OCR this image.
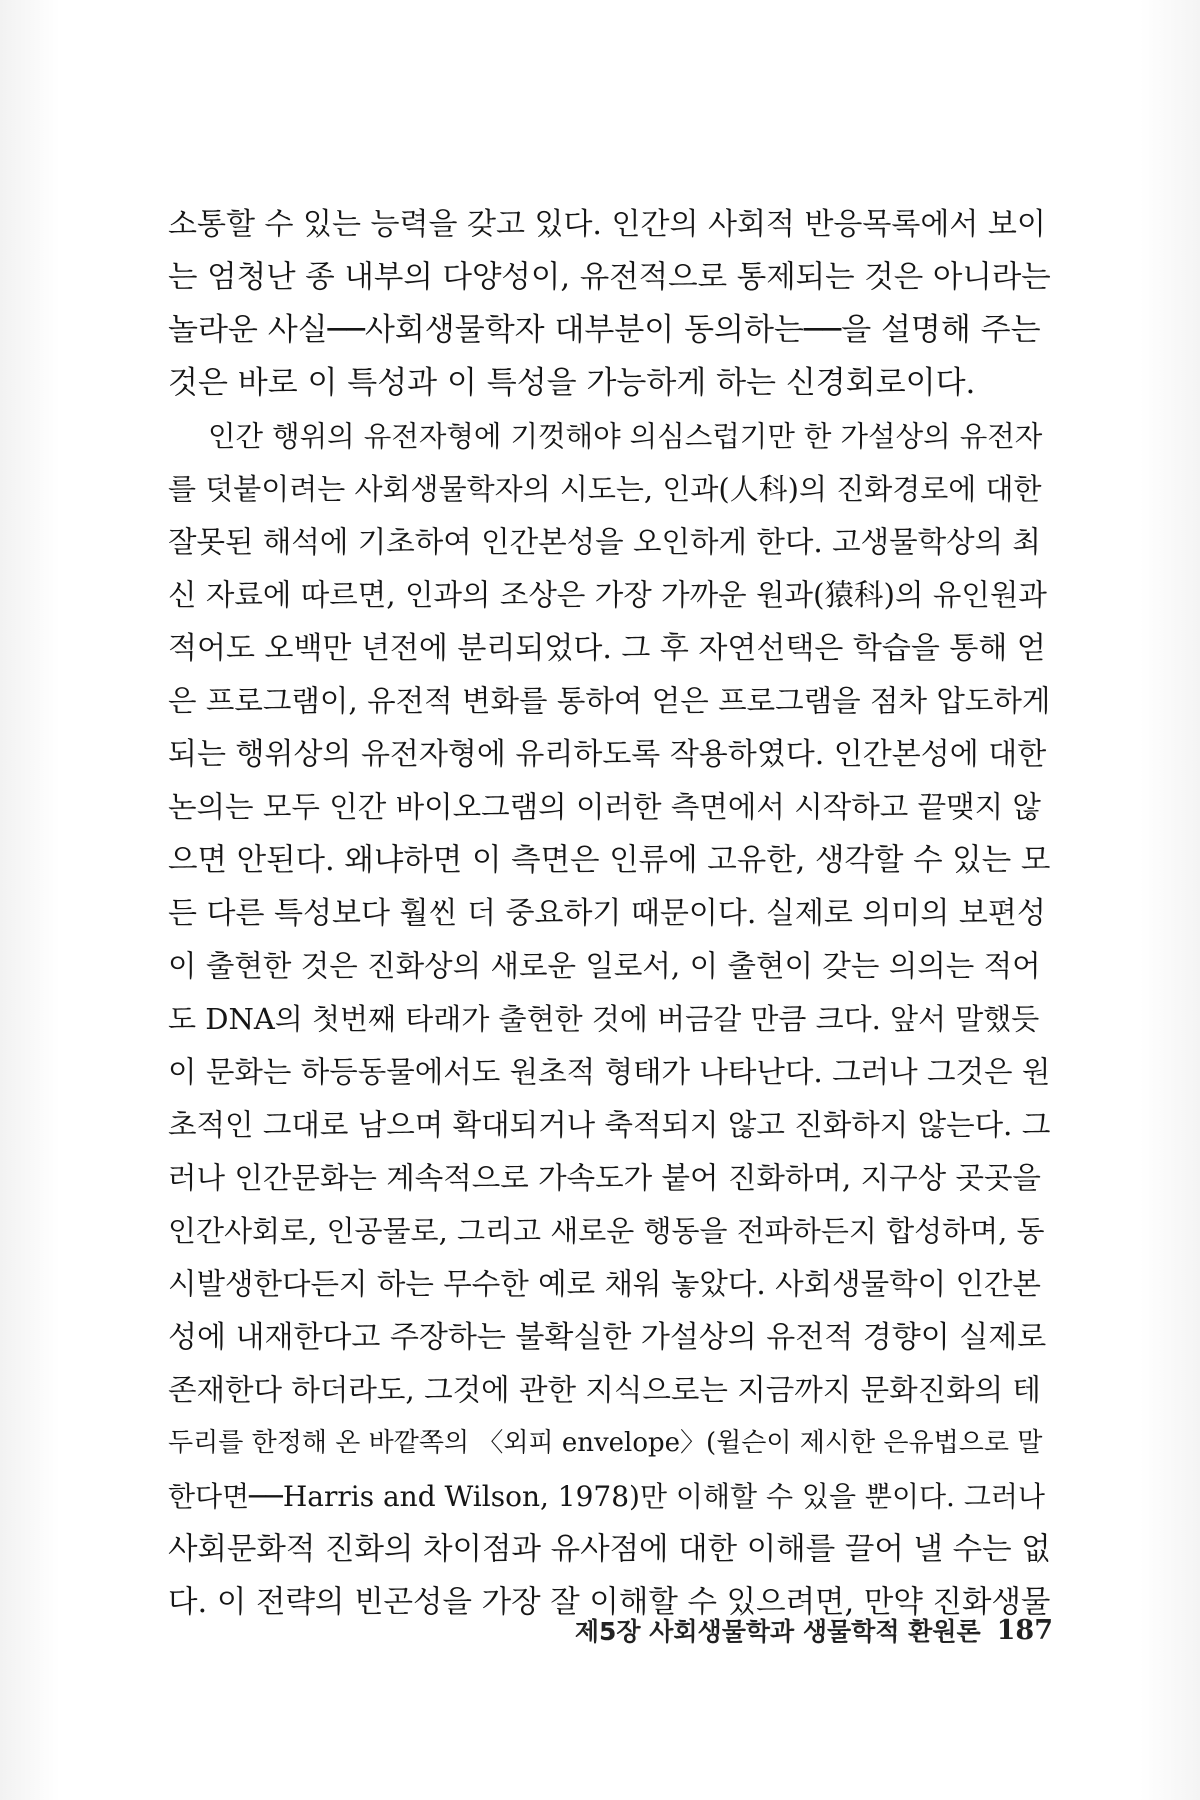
소통할 수 있는 능력을 갖고 있다. 인간의 사회적 반응목록에서 보이
는 엄청난 종 내부의 다양성이, 유전적으로 통제되는 것은 아니라는
놀라운 사실──사회생물학자 대부분이 동의하는──을 설명해 주는
것은 바로 이 특성과 이 특성을 가능하게 하는 신경회로이다.
인간 행위의 유전자형에 기껏해야 의심스럽기만 한 가설상의 유전자
를 덧붙이려는 사회생물학자의 시도는, 인과(人科)의 진화경로에 대한
잘못된 해석에 기초하여 인간본성을 오인하게 한다. 고생물학상의 최
신 자료에 따르면, 인과의 조상은 가장 가까운 원과(猿科)의 유인원과
적어도 오백만 년전에 분리되었다. 그 후 자연선택은 학습을 통해 얻
은 프로그램이, 유전적 변화를 통하여 얻은 프로그램을 점차 압도하게
되는 행위상의 유전자형에 유리하도록 작용하였다. 인간본성에 대한
논의는 모두 인간 바이오그램의 이러한 측면에서 시작하고 끝맺지 않
으면 안된다. 왜냐하면 이 측면은 인류에 고유한, 생각할 수 있는 모
든 다른 특성보다 훨씬 더 중요하기 때문이다. 실제로 의미의 보편성
이 출현한 것은 진화상의 새로운 일로서, 이 출현이 갖는 의의는 적어
도 DNA의 첫번째 타래가 출현한 것에 버금갈 만큼 크다. 앞서 말했듯
이 문화는 하등동물에서도 원초적 형태가 나타난다. 그러나 그것은 원
초적인 그대로 남으며 확대되거나 축적되지 않고 진화하지 않는다. 그
러나 인간문화는 계속적으로 가속도가 붙어 진화하며, 지구상 곳곳을
인간사회로, 인공물로, 그리고 새로운 행동을 전파하든지 합성하며, 동
시발생한다든지 하는 무수한 예로 채워 놓았다. 사회생물학이 인간본
성에 내재한다고 주장하는 불확실한 가설상의 유전적 경향이 실제로
존재한다 하더라도, 그것에 관한 지식으로는 지금까지 문화진화의 테
두리를 한정해 온 바깥쪽의 〈외피 envelope〉(윌슨이 제시한 은유법으로 말
한다면──Harris and Wilson, 1978)만 이해할 수 있을 뿐이다. 그러나
사회문화적 진화의 차이점과 유사점에 대한 이해를 끌어 낼 수는 없
다. 이 전략의 빈곤성을 가장 잘 이해할 수 있으려면, 만약 진화생물
제5장 사회생물학과 생물학적 환원론 187
